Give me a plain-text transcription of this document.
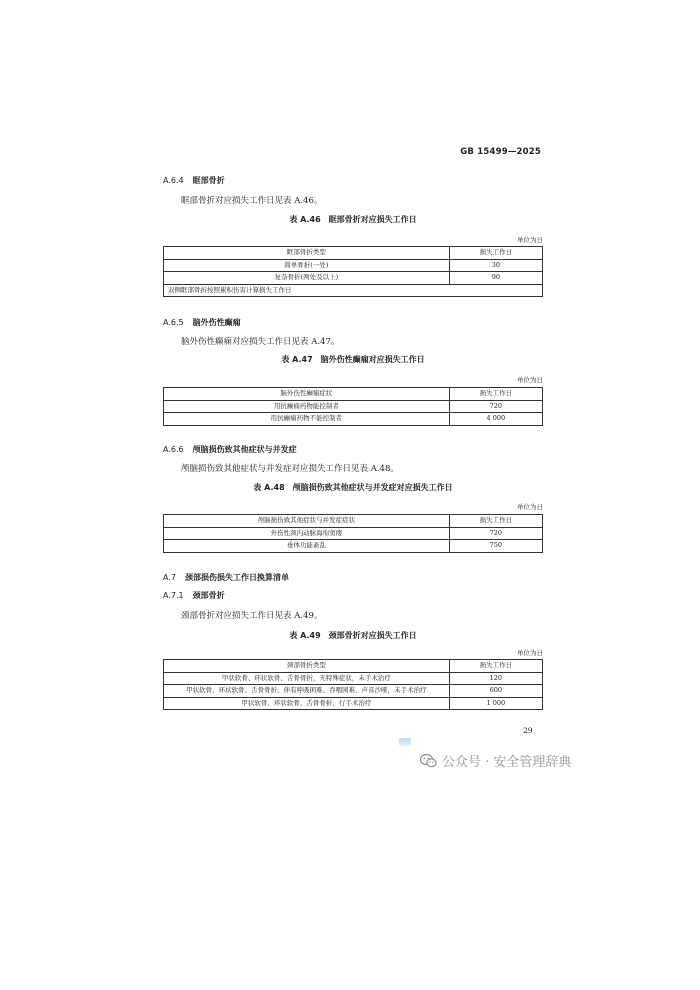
GB 15499—2025
A.6.4 眶部骨折
眶部骨折对应损失工作日见表 A.46。
表 A.46 眶部骨折对应损失工作日
单位为日
眶部骨折类型	损失工作日
简单骨折(一处)	30
复杂骨折(两处及以上)	90
双侧眶部骨折按照累积伤害计算损失工作日	
A.6.5 脑外伤性癫痫
脑外伤性癫痫对应损失工作日见表 A.47。
表 A.47 脑外伤性癫痫对应损失工作日
单位为日
脑外伤性癫痫症状	损失工作日
用抗癫痫药物能控制者	720
用抗癫痫药物不能控制者	4 000
A.6.6 颅脑损伤致其他症状与并发症
颅脑损伤致其他症状与并发症对应损失工作日见表 A.48。
表 A.48 颅脑损伤致其他症状与并发症对应损失工作日
单位为日
颅脑损伤致其他症状与并发症症状	损失工作日
外伤性颈内动脉海绵窦瘘	720
垂体功能紊乱	750
A.7 颈部损伤损失工作日换算清单
A.7.1 颈部骨折
颈部骨折对应损失工作日见表 A.49。
表 A.49 颈部骨折对应损失工作日
单位为日
颈部骨折类型	损失工作日
甲状软骨、环状软骨、舌骨骨折，无特殊症状，未手术治疗	120
甲状软骨、环状软骨、舌骨骨折，伴有呼吸困难、吞咽困难、声音沙哑，未手术治疗	600
甲状软骨、环状软骨、舌骨骨折，行手术治疗	1 000
29
公众号 · 安全管理辞典
